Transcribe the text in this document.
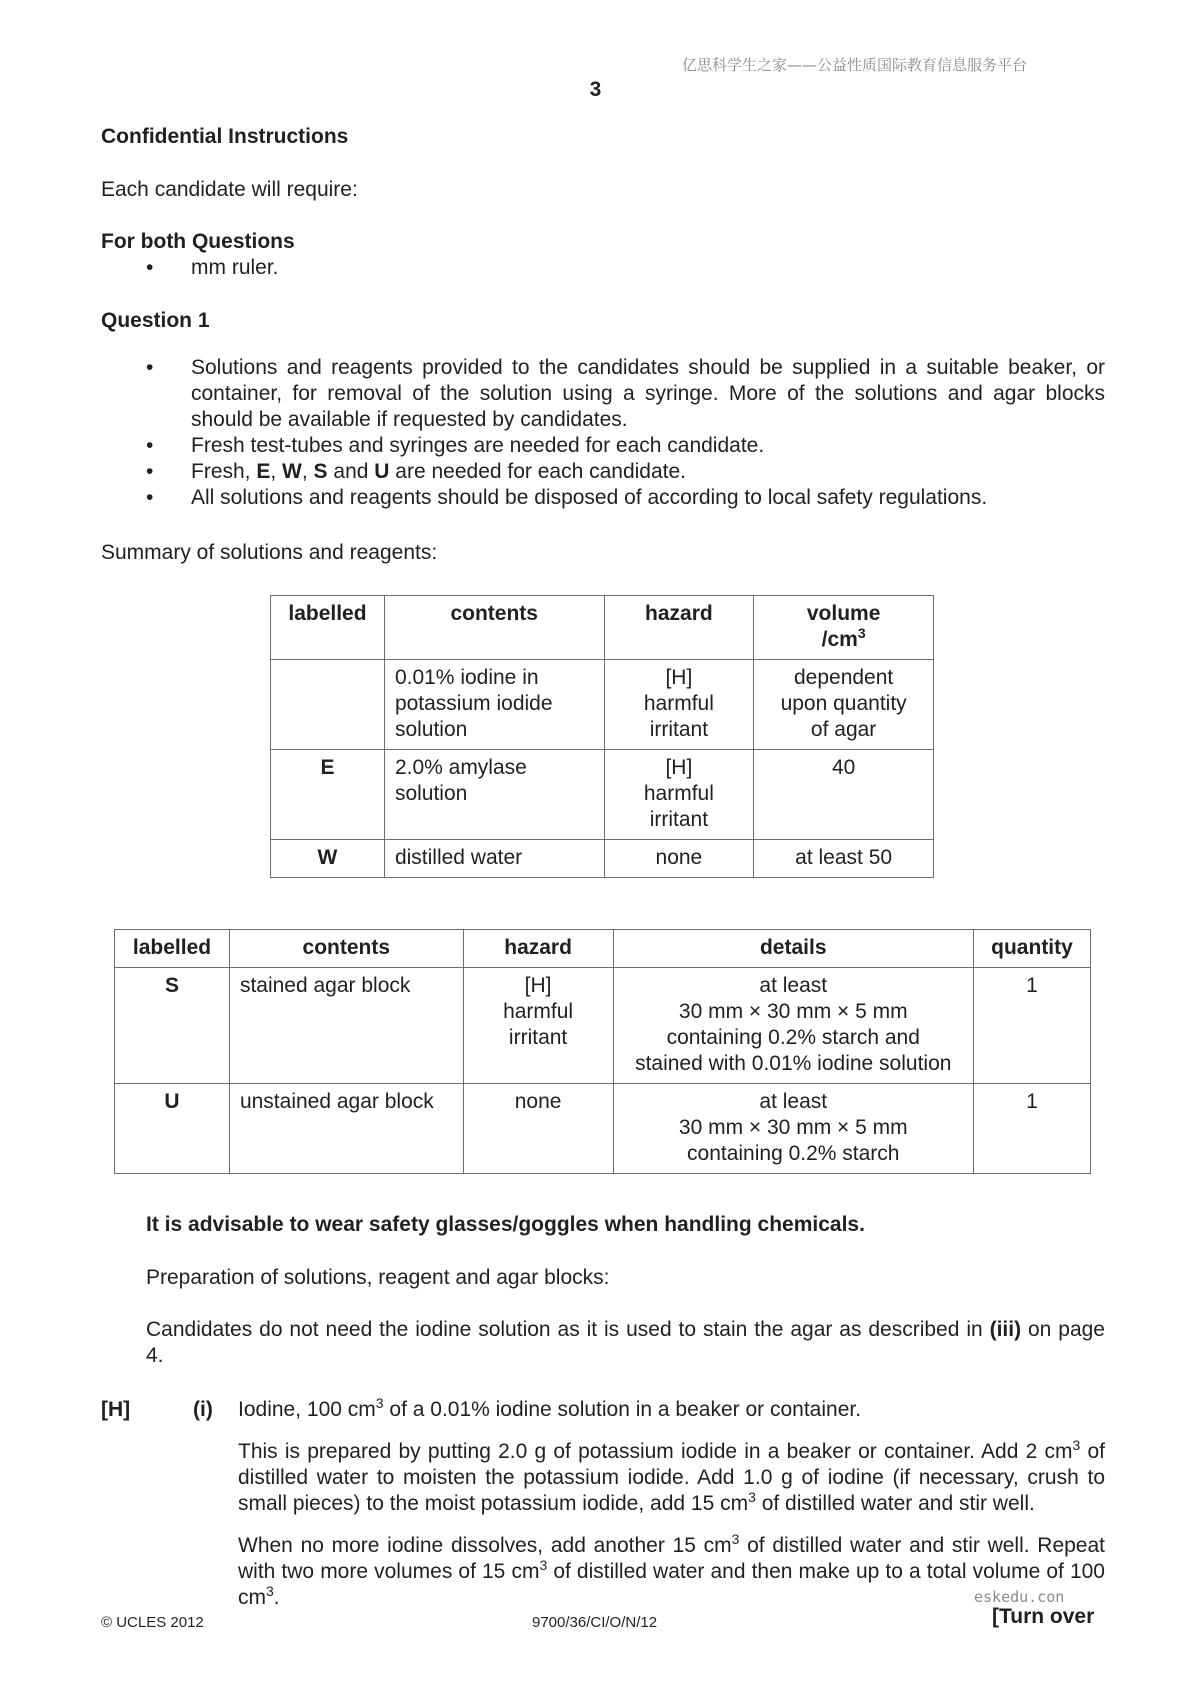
亿思科学生之家——公益性质国际教育信息服务平台
3
Confidential Instructions
Each candidate will require:
For both Questions
• mm ruler.
Question 1
• Solutions and reagents provided to the candidates should be supplied in a suitable beaker, or container, for removal of the solution using a syringe. More of the solutions and agar blocks should be available if requested by candidates.
• Fresh test-tubes and syringes are needed for each candidate.
• Fresh, E, W, S and U are needed for each candidate.
• All solutions and reagents should be disposed of according to local safety regulations.
Summary of solutions and reagents:
labelled	contents	hazard	volume
$/cm^3$
	0.01% iodine in
potassium iodide
solution	[H]
harmful
irritant	dependent
upon quantity
of agar
E	2.0% amylase
solution	[H]
harmful
irritant	40
W	distilled water	none	at least 50
labelled	contents	hazard	details	quantity
S	stained agar block	[H]
harmful
irritant	at least
30 mm × 30 mm × 5 mm
containing 0.2% starch and
stained with 0.01% iodine solution	1
U	unstained agar block	none	at least
30 mm × 30 mm × 5 mm
containing 0.2% starch	1
It is advisable to wear safety glasses/goggles when handling chemicals.
Preparation of solutions, reagent and agar blocks:
Candidates do not need the iodine solution as it is used to stain the agar as described in (iii) on page 4.
[H]	(i) Iodine, 100 $cm^3$ of a 0.01% iodine solution in a beaker or container.
This is prepared by putting 2.0 g of potassium iodide in a beaker or container. Add 2 $cm^3$ of distilled water to moisten the potassium iodide. Add 1.0 g of iodine (if necessary, crush to small pieces) to the moist potassium iodide, add 15 $cm^3$ of distilled water and stir well.
When no more iodine dissolves, add another 15 $cm^3$ of distilled water and stir well. Repeat with two more volumes of 15 $cm^3$ of distilled water and then make up to a total volume of 100 $cm^3$.	eskedu.con
© UCLES 2012	9700/36/CI/O/N/12	[Turn over
